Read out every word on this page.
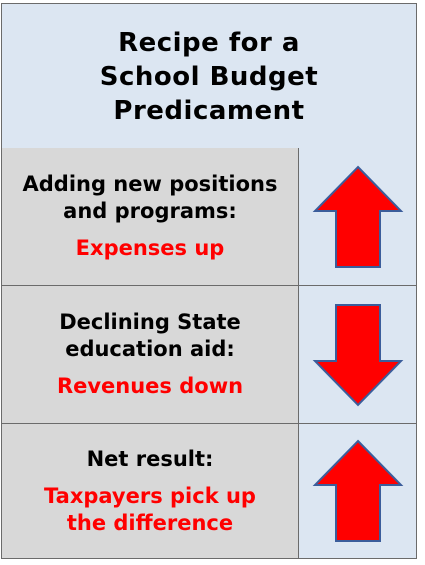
Recipe for a
School Budget
Predicament
Adding new positions
and programs:
Expenses up
Declining State
education aid:
Revenues down
Net result:
Taxpayers pick up
the difference
